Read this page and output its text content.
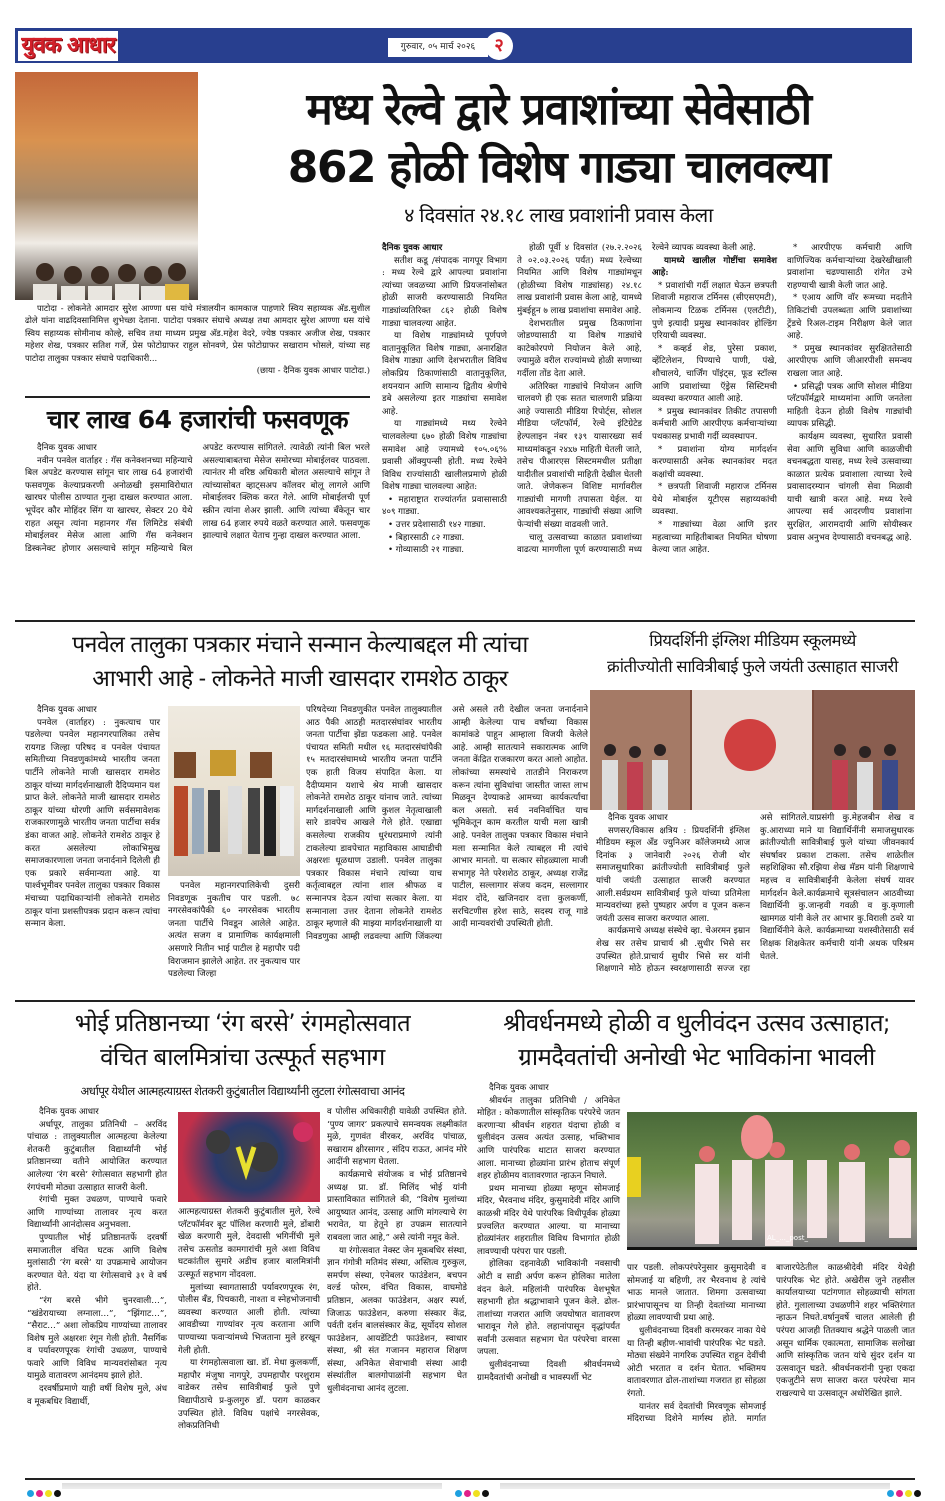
युवक आधार	गुरुवार, ०५ मार्च २०२६	२

पाटोदा - लोकनेते आमदार सुरेश आण्णा धस यांचे मंत्रालयीन कामकाज पाहणारे स्विय सहाय्यक अ‍ॅड.सुशील ढोले यांना वाढदिवसानिमित्त शुभेच्छा देताना. पाटोदा पत्रकार संघाचे अध्यक्ष तथा आमदार सुरेश आण्णा धस यांचे स्विय सहाय्यक सोमीनाथ कोल्हे, सचिव तथा माध्यम प्रमुख अ‍ॅड.महेश वेदरे, ज्येष्ठ पत्रकार अजीज शेख, पत्रकार महेशर शेख, पत्रकार सतिश गर्जे, प्रेस फोटोग्राफर राहुल सोनवणे, प्रेस फोटोग्राफर सखाराम भोसले, यांच्या सह पाटोदा तालुका पत्रकार संघाचे पदाधिकारी...

(छाया - दैनिक युवक आधार पाटोदा.)

चार लाख 64 हजारांची फसवणूक

दैनिक युवक आधार

नवीन पनवेल वार्ताहर : गॅस कनेक्शनच्या महिन्याचे बिल अपडेट करण्यास सांगून चार लाख 64 हजारांची फसवणूक केल्याप्रकरणी अनोळखी इसमाविरोधात खारघर पोलीस ठाण्यात गुन्हा दाखल करण्यात आला. भूपेंदर कौर मोहिंदर सिंग या खारघर, सेक्टर 20 येथे राहत असून त्यांना महानगर गॅस लिमिटेड संबंधी मोबाईलवर मेसेज आला आणि गॅस कनेक्शन डिस्कनेक्ट होणार असल्याचे सांगून महिन्याचे बिल अपडेट करण्यास सांगितले. त्यावेळी त्यांनी बिल भरले असल्याबाबतचा मेसेज समोरच्या मोबाईलवर पाठवला. त्यानंतर मी वरिष्ठ अधिकारी बोलत असल्याचे सांगून ते त्यांच्यासोबत व्हाट्सअप कॉलवर बोलू लागले आणि मोबाईलवर क्लिक करत गेले. आणि मोबाईलची पूर्ण स्क्रीन त्यांना शेअर झाली. आणि त्यांच्या बँकेतून चार लाख 64 हजार रुपये वळते करण्यात आले. फसवणूक झाल्याचे लक्षात येताच गुन्हा दाखल करण्यात आला.

मध्य रेल्वे द्वारे प्रवाशांच्या सेवेसाठी
862 होळी विशेष गाड्या चालवल्या
४ दिवसांत २४.१८ लाख प्रवाशांनी प्रवास केला

दैनिक युवक आधार

सतीश कडू /संपादक नागपूर विभाग : मध्य रेल्वे द्वारे आपल्या प्रवाशांना त्यांच्या जवळच्या आणि प्रियजनांसोबत होळी साजरी करण्यासाठी नियमित गाड्यांव्यतिरिक्त ८६२ होळी विशेष गाड्या चालवल्या आहेत.

या विशेष गाड्यांमध्ये पूर्णपणे वातानुकूलित विशेष गाड्या, अनारक्षित विशेष गाड्या आणि देशभरातील विविध लोकप्रिय ठिकाणांसाठी वातानुकूलित, शयनयान आणि सामान्य द्वितीय श्रेणीचे डबे असलेल्या इतर गाड्यांचा समावेश आहे.

या गाड्यांमध्ये मध्य रेल्वेने चालवलेल्या ६७० होळी विशेष गाड्यांचा समावेश आहे ज्यामध्ये १०५.०६% प्रवासी ऑक्युपन्सी होती. मध्य रेल्वेने विविध राज्यांसाठी खालीलप्रमाणे होळी विशेष गाड्या चालवल्या आहेत:

• महाराष्ट्रात राज्यांतर्गत प्रवासासाठी ४०९ गाड्या.

• उत्तर प्रदेशासाठी १४२ गाड्या.

• बिहारसाठी ८२ गाड्या.

• गोव्यासाठी २१ गाड्या.

होळी पूर्वी ४ दिवसांत (२७.२.२०२६ ते ०२.०३.२०२६ पर्यंत) मध्य रेल्वेच्या नियमित आणि विशेष गाड्यांमधून (होळीच्या विशेष गाड्यांसह) २४.१८ लाख प्रवाशांनी प्रवास केला आहे, यामध्ये मुंबईहून ७ लाख प्रवाशांचा समावेश आहे.

देशभरातील प्रमुख ठिकाणांना जोडण्यासाठी या विशेष गाड्यांचे काटेकोरपणे नियोजन केले आहे, ज्यामुळे वरील राज्यांमध्ये होळी सणाच्या गर्दीला तोंड देता आले.

अतिरिक्त गाड्यांचे नियोजन आणि चालवणे ही एक सतत चालणारी प्रक्रिया आहे ज्यासाठी मीडिया रिपोर्ट्स, सोशल मीडिया प्लॅटफॉर्म, रेल्वे इंटिग्रेटेड हेल्पलाइन नंबर १३९ यासारख्या सर्व माध्यमांकडून २४x७ माहिती घेतली जाते, तसेच पीआरएस सिस्टममधील प्रतीक्षा यादीतील प्रवाशांची माहिती देखील घेतली जाते. जेणेकरून विशिष्ट मार्गावरील गाड्यांची मागणी तपासता येईल. या आवश्यकतेनुसार, गाड्यांची संख्या आणि फेऱ्यांची संख्या वाढवली जाते.

चालू उत्सवाच्या काळात प्रवाशांच्या वाढत्या मागणीला पूर्ण करण्यासाठी मध्य रेल्वेने व्यापक व्यवस्था केली आहे.

यामध्ये खालील गोष्टींचा समावेश आहे:

* प्रवाशांची गर्दी लक्षात घेऊन छत्रपती शिवाजी महाराज टर्मिनस (सीएसएमटी), लोकमान्य टिळक टर्मिनस (एलटीटी), पुणे इत्यादी प्रमुख स्थानकांवर होल्डिंग एरियाची व्यवस्था.

* कव्हर्ड शेड, पुरेसा प्रकाश, व्हेंटिलेशन, पिण्याचे पाणी, पंखे, शौचालये, चार्जिंग पॉइंट्स, फूड स्टॉल्स आणि प्रवाशांच्या ऍड्रेस सिस्टिमची व्यवस्था करण्यात आली आहे.

* प्रमुख स्थानकांवर तिकीट तपासणी कर्मचारी आणि आरपीएफ कर्मचाऱ्यांच्या पथकासह प्रभावी गर्दी व्यवस्थापन.

* प्रवाशांना योग्य मार्गदर्शन करण्यासाठी अनेक स्थानकांवर मदत कक्षांची व्यवस्था.

* छत्रपती शिवाजी महाराज टर्मिनस येथे मोबाईल यूटीएस सहाय्यकांची व्यवस्था.

* गाड्यांच्या वेळा आणि इतर महत्वाच्या माहितीबाबत नियमित घोषणा केल्या जात आहेत.

* आरपीएफ कर्मचारी आणि वाणिज्यिक कर्मचाऱ्यांच्या देखरेखीखाली प्रवाशांना चढण्यासाठी रांगेत उभे राहण्याची खात्री केली जात आहे.

* एआय आणि वॉर रूमच्या मदतीने तिकिटांची उपलब्धता आणि प्रवाशांच्या ट्रेंडचे रिअल-टाइम निरीक्षण केले जात आहे.

* प्रमुख स्थानकांवर सुरक्षिततेसाठी आरपीएफ आणि जीआरपीशी समन्वय राखला जात आहे.

• प्रसिद्धी पत्रक आणि सोशल मीडिया प्लॅटफॉर्मद्वारे माध्यमांना आणि जनतेला माहिती देऊन होळी विशेष गाड्यांची व्यापक प्रसिद्धी.

कार्यक्षम व्यवस्था, सुधारित प्रवासी सेवा आणि सुविधा आणि काळजीची वचनबद्धता यासह, मध्य रेल्वे उत्सवाच्या काळात प्रत्येक प्रवाशाला त्याच्या रेल्वे प्रवासादरम्यान चांगली सेवा मिळावी याची खात्री करत आहे. मध्य रेल्वे आपल्या सर्व आदरणीय प्रवाशांना सुरक्षित, आरामदायी आणि सोयीस्कर प्रवास अनुभव देण्यासाठी वचनबद्ध आहे.

पनवेल तालुका पत्रकार मंचाने सन्मान केल्याबद्दल मी त्यांचा
आभारी आहे - लोकनेते माजी खासदार रामशेठ ठाकूर

दैनिक युवक आधार

पनवेल (वार्ताहर) : नुकत्याच पार पडलेल्या पनवेल महानगरपालिका तसेच रायगड जिल्हा परिषद व पनवेल पंचायत समितीच्या निवडणुकांमध्ये भारतीय जनता पार्टीने लोकनेते माजी खासदार रामशेठ ठाकूर यांच्या मार्गदर्शनाखाली दैदिप्यमान यश प्राप्त केले. लोकनेते माजी खासदार रामशेठ ठाकूर यांच्या धोरणी आणि सर्वसमावेशक राजकारणामुळे भारतीय जनता पार्टीचा सर्वत्र डंका वाजत आहे. लोकनेते रामशेठ ठाकूर हे करत असलेल्या लोकाभिमुख समाजकारणाला जनता जनार्दनाने दिलेली ही एक प्रकारे सर्वमान्यता आहे. या पार्श्वभूमीवर पनवेल तालुका पत्रकार विकास मंचाच्या पदाधिकाऱ्यांनी लोकनेते रामशेठ ठाकूर यांना प्रशस्तीपत्रक प्रदान करून त्यांचा सन्मान केला.

पनवेल महानगरपालिकेची दुसरी निवडणूक नुकतीच पार पडली. ७८ नगरसेवकांपैकी ६० नगरसेवक भारतीय जनता पार्टीचे निवडून आलेले आहेत. अत्यंत सजग व प्रामाणिक कार्यक्षमाली असणारे नितीन भाई पाटील हे महापौर पदी विराजमान झालेले आहेत. तर नुकत्याच पार पडलेल्या जिल्हा

परिषदेच्या निवडणुकीत पनवेल तालुक्यातील आठ पैकी आठही मतदारसंघांवर भारतीय जनता पार्टीचा झेंडा फडकला आहे. पनवेल पंचायत समिती मधील १६ मतदारसंघांपैकी १५ मतदारसंघामध्ये भारतीय जनता पार्टीने एक हाती विजय संपादित केला. या दैदीप्यमान यशाचे श्रेय माजी खासदार लोकनेते रामशेठ ठाकूर यांनाच जाते. त्यांच्या मार्गदर्शनाखाली आणि कुशल नेतृत्वाखाली सारे डावपेच आखले गेले होते. एखाद्या कसलेल्या राजकीय धुरंधराप्रमाणे त्यांनी टाकलेल्या डावपेचात महाविकास आघाडीची अक्षरशः धूळधाण उडाली. पनवेल तालुका पत्रकार विकास मंचाने त्यांच्या याच कर्तृत्वाबद्दल त्यांना शाल श्रीफळ व सन्मानपत्र देऊन त्यांचा सत्कार केला. या सन्मानाला उत्तर देताना लोकनेते रामशेठ ठाकूर म्हणाले की माझ्या मार्गदर्शनाखाली या निवडणुका आम्ही लढवल्या आणि जिंकल्या असे असले तरी देखील जनता जनार्दनाने आम्ही केलेल्या पाच वर्षांच्या विकास कामांकडे पाहून आम्हाला विजयी केलेले आहे. आम्ही सातत्याने सकारात्मक आणि जनता केंद्रित राजकारण करत आलो आहोत. लोकांच्या समस्यांचे तातडीने निराकरण करून त्यांना सुविधांचा जास्तीत जास्त लाभ मिळवून देण्याकडे आमच्या कार्यकर्त्यांचा कल असतो. सर्व नवनिर्वाचित याच भूमिकेतून काम करतील याची मला खात्री आहे. पनवेल तालुका पत्रकार विकास मंचाने मला सन्मानित केले त्याबद्दल मी त्यांचे आभार मानतो. या सत्कार सोहळ्याला माजी सभागृह नेते परेशशेठ ठाकूर, अध्यक्ष राजेंद्र पाटील, सल्लागार संजय कदम, सल्लागार मंदार दोंदे, खजिनदार दत्ता कुलकर्णी, सरचिटणीस हरेश साठे, सदस्य राजू गाडे आदी मान्यवरांची उपस्थिती होती.

प्रियदर्शिनी इंग्लिश मीडियम स्कूलमध्ये
क्रांतीज्योती सावित्रीबाई फुले जयंती उत्साहात साजरी

दैनिक युवक आधार

सणसर/विकास क्षत्रिय : प्रियदर्शिनी इंग्लिश मीडियम स्कूल अँड ज्युनिअर कॉलेजमध्ये आज दिनांक ३ जानेवारी २०२६ रोजी थोर समाजसुधारिका क्रांतीज्योती सावित्रीबाई फुले यांची जयंती उत्साहात साजरी करण्यात आली.सर्वप्रथम सावित्रीबाई फुले यांच्या प्रतिमेला मान्यवरांच्या हस्ते पुष्पहार अर्पण व पूजन करून जयंती उत्सव साजरा करण्यात आला.

कार्यक्रमाचे अध्यक्ष संस्थेचे व्हा. चेअरमन इम्रान शेख सर तसेच प्राचार्य श्री .सुधीर भिसे सर उपस्थित होते.प्राचार्य सुधीर भिसे सर यांनी शिक्षणाने मोठे होऊन स्वरक्षणासाठी सज्ज रहा असे सांगितले.याप्रसंगी कु.मेहजबीन शेख व कु.आराध्या माने या विद्यार्थिनींनी समाजसुधारक क्रांतीज्योती सावित्रीबाई फुले यांच्या जीवनकार्य संघर्षावर प्रकाश टाकला. तसेच शाळेतील सहशिक्षिका सौ.रझिया शेख मॅडम यांनी शिक्षणाचे महत्त्व व सावित्रीबाईंनी केलेला संघर्ष यावर मार्गदर्शन केले.कार्यक्रमाचे सूत्रसंचालन आठवीच्या विद्यार्थिनी कु.जान्हवी गवळी व कु.कृणाली खामगळ यांनी केले तर आभार कु.विराली ठवरे या विद्यार्थिनीने केले. कार्यक्रमाच्या यशस्वीतेसाठी सर्व शिक्षक शिक्षकेतर कर्मचारी यांनी अथक परिश्रम घेतले.

भोई प्रतिष्ठानच्या ‘रंग बरसे’ रंगमहोत्सवात
वंचित बालमित्रांचा उत्स्फूर्त सहभाग
अर्धापूर येथील आत्महत्याग्रस्त शेतकरी कुटुंबातील विद्यार्थ्यांनी लुटला रंगोत्सवाचा आनंद

दैनिक युवक आधार

अर्धापूर, तालुका प्रतिनिधी – अरविंद पांचाळ : तालुक्यातील आत्महत्या केलेल्या शेतकरी कुटुंबातील विद्यार्थ्यांनी भोई प्रतिष्ठानच्या वतीने आयोजित करण्यात आलेल्या ‘रंग बरसे’ रंगोत्सवात सहभागी होत रंगपंचमी मोठ्या उत्साहात साजरी केली.

रंगांची मुक्त उधळण, पाण्याचे फवारे आणि गाण्यांच्या तालावर नृत्य करत विद्यार्थ्यांनी आनंदोत्सव अनुभवला.

पुण्यातील भोई प्रतिष्ठानतर्फे दरवर्षी समाजातील वंचित घटक आणि विशेष मुलांसाठी ‘रंग बरसे’ या उपक्रमाचे आयोजन करण्यात येते. यंदा या रंगोत्सवाचे ३१ वे वर्ष होते.

“रंग बरसे भीगे चुनरवाली…”, “खंडेरायाच्या लग्नाला…”, “झिंगाट…”, “सैराट…” अशा लोकप्रिय गाण्यांच्या तालावर विशेष मुले अक्षरशः रंगून गेली होती. नैसर्गिक व पर्यावरणपूरक रंगांची उधळण, पाण्याचे फवारे आणि विविध मान्यवरांसोबत नृत्य यामुळे वातावरण आनंदमय झाले होते.

दरवर्षीप्रमाणे याही वर्षी विशेष मुले, अंध व मूकबधिर विद्यार्थी,

आत्महत्याग्रस्त शेतकरी कुटुंबातील मुले, रेल्वे प्लॅटफॉर्मवर बूट पॉलिश करणारी मुले, डोंबारी खेळ करणारी मुले, देवदासी भगिनींची मुले तसेच ऊसतोड कामगारांची मुले अशा विविध घटकांतील सुमारे अडीच हजार बालमित्रांनी उत्स्फूर्त सहभाग नोंदवला.

मुलांच्या स्वागतासाठी पर्यावरणपूरक रंग, पोलीस बँड, पिचकारी, नाश्ता व स्नेहभोजनाची व्यवस्था करण्यात आली होती. त्यांच्या आवडीच्या गाण्यांवर नृत्य करताना आणि पाण्याच्या फवाऱ्यांमध्ये भिजताना मुले हरखून गेली होती.

या रंगमहोत्सवाला खा. डॉ. मेधा कुलकर्णी, महापौर मंजुषा नागपुरे, उपमहापौर परशुराम वाडेकर तसेच सावित्रीबाई फुले पुणे विद्यापीठाचे प्र-कुलगुरु डॉ. पराग काळकर उपस्थित होते. विविध पक्षांचे नगरसेवक, लोकप्रतिनिधी

व पोलीस अधिकारीही यावेळी उपस्थित होते. ‘पुण्य जागर’ प्रकल्पाचे समन्वयक लक्ष्मीकांत मुळे, गुणवंत वीरकर, अरविंद पांचाळ, सखाराम क्षीरसागर , संदिप राऊत, आनंद मोरे आदींनी सहभाग घेतला.

कार्यक्रमाचे संयोजक व भोई प्रतिष्ठानचे अध्यक्ष प्रा. डॉ. मिलिंद भोई यांनी प्रास्ताविकात सांगितले की, “विशेष मुलांच्या आयुष्यात आनंद, उत्साह आणि मांगल्याचे रंग भरावेत, या हेतूने हा उपक्रम सातत्याने राबवला जात आहे,” असे त्यांनी नमूद केले.

या रंगोत्सवात नेक्स्ट जेन मूकबधिर संस्था, ज्ञान गंगोत्री मतिमंद संस्था, अस्तित्व गुरुकुल, समर्पण संस्था, एनेबलर फाउंडेशन, बचपन वर्ल्ड फोरम, वंचित विकास, वाघमोडे प्रतिष्ठान, अलका फाउंडेशन, अक्षर स्पर्श, जिजाऊ फाउंडेशन, करुणा संस्कार केंद्र, पर्वती दर्शन बालसंस्कार केंद्र, सूर्योदय सोशल फाउंडेशन, आयडेंटिटी फाउंडेशन, स्वाधार संस्था, श्री संत गजानन महाराज शिक्षण संस्था, अनिकेत सेवाभावी संस्था आदी संस्थांतील बालगोपाळांनी सहभाग घेत धुलीवंदनाचा आनंद लुटला.

श्रीवर्धनमध्ये होळी व धुलीवंदन उत्सव उत्साहात;
ग्रामदैवतांची अनोखी भेट भाविकांना भावली

दैनिक युवक आधार

श्रीवर्धन तालुका प्रतिनिधी / अनिकेत मोहित : कोकणातील सांस्कृतिक परंपरेचे जतन करणाऱ्या श्रीवर्धन शहरात यंदाचा होळी व धुलीवंदन उत्सव अत्यंत उत्साह, भक्तिभाव आणि पारंपरिक थाटात साजरा करण्यात आला. मानाच्या होळ्यांना प्रारंभ होताच संपूर्ण शहर होळीमय वातावरणात न्हाऊन निघाले.

प्रथम मानाच्या होळ्या म्हणून सोमजाई मंदिर, भैरवनाथ मंदिर, कुसुमादेवी मंदिर आणि काळश्री मंदिर येथे पारंपरिक विधीपूर्वक होळ्या प्रज्वलित करण्यात आल्या. या मानाच्या होळ्यांनंतर शहरातील विविध विभागांत होळी लावण्याची परंपरा पार पडली.

होलिका दहनावेळी भाविकांनी नवसाची ओटी व साडी अर्पण करून होलिका मातेला वंदन केले. महिलांनी पारंपरिक वेशभूषेत सहभागी होत श्रद्धाभावाने पूजन केले. ढोल-ताशांच्या गजरात आणि जयघोषात वातावरण भारावून गेले होते. लहानांपासून वृद्धांपर्यंत सर्वांनी उत्सवात सहभाग घेत परंपरेचा वारसा जपला.

धुलीवंदनाच्या दिवशी श्रीवर्धनमध्ये ग्रामदैवतांची अनोखी व भावस्पर्शी भेट

AL_..._post_

पार पडली. लोकपरंपरेनुसार कुसुमादेवी व सोमजाई या बहिणी, तर भैरवनाथ हे त्यांचे भाऊ मानले जातात. शिमगा उत्सवाच्या प्रारंभापासूनच या तिन्ही देवतांच्या मानाच्या होळ्या लावण्याची प्रथा आहे.

धुलीवंदनाच्या दिवशी करमरकर नाका येथे या तिन्ही बहीण-भावांची पारंपरिक भेट घडते. मोठ्या संख्येने नागरिक उपस्थित राहून देवींची ओटी भरतात व दर्शन घेतात. भक्तिमय वातावरणात ढोल-ताशांच्या गजरात हा सोहळा रंगतो.

यानंतर सर्व देवतांची मिरवणूक सोमजाई मंदिराच्या दिशेने मार्गस्थ होते. मार्गात बाजारपेठेतील काळश्रीदेवी मंदिर येथेही पारंपरिक भेट होते. अखेरीस जुने तहसील कार्यालयाच्या पटांगणात सोहळ्याची सांगता होते. गुलालाच्या उधळणीने शहर भक्तिरंगात न्हाऊन निघते.वर्षानुवर्षे चालत आलेली ही परंपरा आजही तितक्याच श्रद्धेने पाळली जात असून धार्मिक एकात्मता, सामाजिक सलोखा आणि सांस्कृतिक जतन यांचे सुंदर दर्शन या उत्सवातून घडते. श्रीवर्धनकरांनी पुन्हा एकदा एकजुटीने सण साजरा करत परंपरेचा मान राखल्याचे या उत्सवातून अधोरेखित झाले.
